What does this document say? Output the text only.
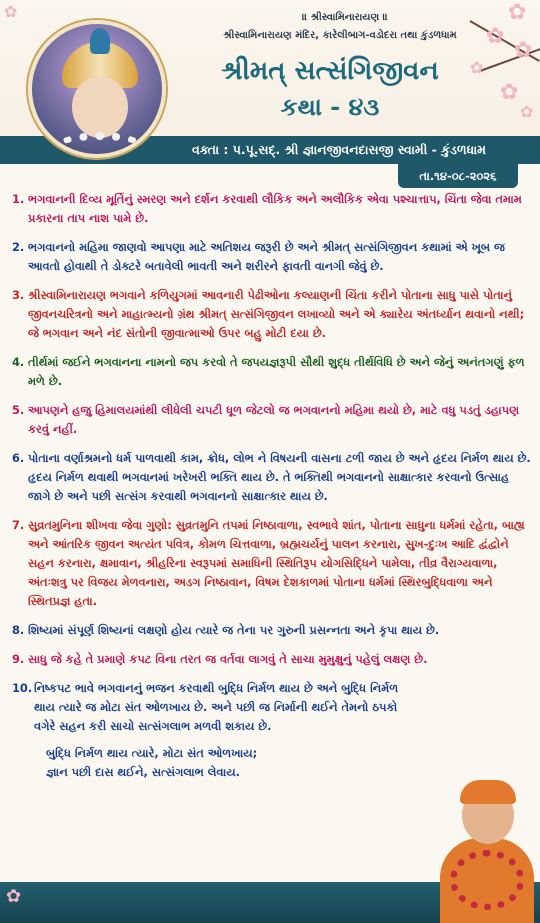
✿
✿
✿
✿
✿
✿
✿	॥ શ્રીસ્વામિનારાયણ ॥
શ્રીસ્વામિનારાયણ મંદિર, કારેલીબાગ-વડોદરા તથા કુંડળધામ
શ્રીમત્ સત્સંગિજીવન
કથા - ૪૩
વક્તા : પ.પૂ.સદ્. શ્રી જ્ઞાનજીવનદાસજી સ્વામી - કુંડળધામ
તા.૧૪-૦૮-૨૦૨૬
1. ભગવાનની દિવ્ય મૂર્તિનું સ્મરણ અને દર્શન કરવાથી લૌકિક અને અલૌકિક એવા પશ્ચાત્તાપ, ચિંતા જેવા તમામ પ્રકારના તાપ નાશ પામે છે.
2. ભગવાનનો મહિમા જાણવો આપણા માટે અતિશય જરૂરી છે અને શ્રીમત્ સત્સંગિજીવન કથામાં એ ખૂબ જ આવતો હોવાથી તે ડોક્ટરે બતાવેલી ભાવતી અને શરીરને ફાવતી વાનગી જેવું છે.
3. શ્રીસ્વામિનારાયણ ભગવાને કળિયુગમાં આવનારી પેઢીઓના કલ્યાણની ચિંતા કરીને પોતાના સાધુ પાસે પોતાનું જીવનચરિત્રનો અને માહાત્મ્યનો ગ્રંથ શ્રીમત્ સત્સંગિજીવન લખાવ્યો અને એ ક્યારેય અંતર્ધ્યાન થવાનો નથી; જે ભગવાન અને નંદ સંતોની જીવાત્માઓ ઉપર બહુ મોટી દયા છે.
4. તીર્થમાં જઈને ભગવાનના નામનો જપ કરવો તે જપયજ્ઞરૂપી સૌથી શુદ્ધ તીર્થવિધિ છે અને જેનું અનંતગણું ફળ મળે છે.
5. આપણને હજુ હિમાલયમાંથી લીધેલી ચપટી ધૂળ જેટલો જ ભગવાનનો મહિમા થયો છે, માટે વધુ પડતું ડહાપણ કરવું નહીં.
6. પોતાના વર્ણાશ્રમનો ધર્મ પાળવાથી કામ, ક્રોધ, લોભ ને વિષયની વાસના ટળી જાય છે અને હૃદય નિર્મળ થાય છે. હૃદય નિર્મળ થવાથી ભગવાનમાં ખરેખરી ભક્તિ થાય છે. તે ભક્તિથી ભગવાનનો સાક્ષાત્કાર કરવાનો ઉત્સાહ જાગે છે અને પછી સત્સંગ કરવાથી ભગવાનનો સાક્ષાત્કાર થાય છે.
7. સુવ્રતમુનિના શીખવા જેવા ગુણો: સુવ્રતમુનિ તપમાં નિષ્ઠાવાળા, સ્વભાવે શાંત, પોતાના સાધુના ધર્મમાં રહેતા, બાહ્ય અને આંતરિક જીવન અત્યંત પવિત્ર, કોમળ ચિત્તવાળા, બ્રહ્મચર્યનું પાલન કરનારા, સુખ-દુઃખ આદિ દ્વંદ્વોને સહન કરનારા, ક્ષમાવાન, શ્રીહરિના સ્વરૂપમાં સમાધિની સ્થિતિરૂપ યોગસિદ્ધિને પામેલા, તીવ્ર વૈરાગ્યવાળા, અંતઃશત્રુ પર વિજય મેળવનારા, અડગ નિષ્ઠાવાન, વિષમ દેશકાળમાં પોતાના ધર્મમાં સ્થિરબુદ્ધિવાળા અને સ્થિતપ્રજ્ઞ હતા.
8. શિષ્યમાં સંપૂર્ણ શિષ્યનાં લક્ષણો હોય ત્યારે જ તેના પર ગુરુની પ્રસન્નતા અને કૃપા થાય છે.
9. સાધુ જે કહે તે પ્રમાણે કપટ વિના તરત જ વર્તવા લાગવું તે સાચા મુમુક્ષુનું પહેલું લક્ષણ છે.
10. નિષ્કપટ ભાવે ભગવાનનું ભજન કરવાથી બુદ્ધિ નિર્મળ થાય છે અને બુદ્ધિ નિર્મળ થાય ત્યારે જ મોટા સંત ઓળખાય છે. અને પછી જ નિર્માની થઈને તેમનો ઠપકો વગેરે સહન કરી સાચો સત્સંગલાભ મળવી શકાય છે.
બુદ્ધિ નિર્મળ થાય ત્યારે, મોટા સંત ઓળખાય;
જ્ઞાન પછી દાસ થઈને, સત્સંગલાભ લેવાય.
✿
